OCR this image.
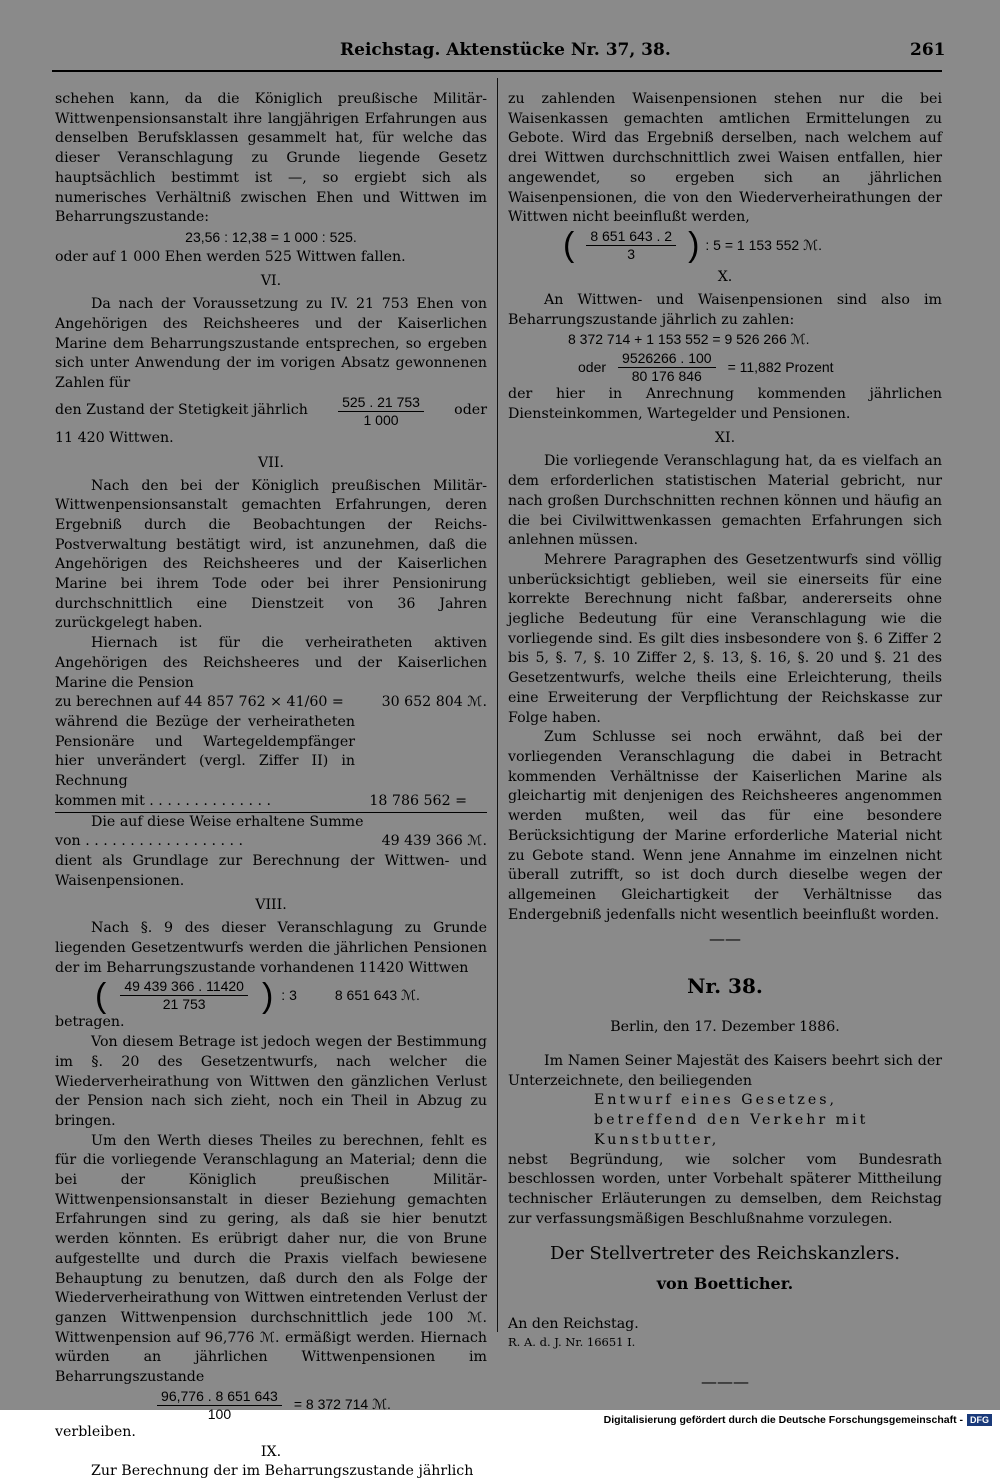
Reichstag. Aktenstücke Nr. 37, 38.	261

schehen kann, da die Königlich preußische Militär-Wittwenpensionsanstalt ihre langjährigen Erfahrungen aus denselben Berufsklassen gesammelt hat, für welche das dieser Veranschlagung zu Grunde liegende Gesetz hauptsächlich bestimmt ist —, so ergiebt sich als numerisches Verhältniß zwischen Ehen und Wittwen im Beharrungszustande:

23,56 : 12,38 = 1 000 : 525.

oder auf 1 000 Ehen werden 525 Wittwen fallen.

VI.

Da nach der Voraussetzung zu IV. 21 753 Ehen von Angehörigen des Reichsheeres und der Kaiserlichen Marine dem Beharrungszustande entsprechen, so ergeben sich unter Anwendung der im vorigen Absatz gewonnenen Zahlen für

den Zustand der Stetigkeit jährlich $\frac{525 . 21 753}{1 000}$ oder

11 420 Wittwen.

VII.

Nach den bei der Königlich preußischen Militär-Wittwenpensionsanstalt gemachten Erfahrungen, deren Ergebniß durch die Beobachtungen der Reichs-Postverwaltung bestätigt wird, ist anzunehmen, daß die Angehörigen des Reichsheeres und der Kaiserlichen Marine bei ihrem Tode oder bei ihrer Pensionirung durchschnittlich eine Dienstzeit von 36 Jahren zurückgelegt haben.

Hiernach ist für die verheiratheten aktiven Angehörigen des Reichsheeres und der Kaiserlichen Marine die Pension

zu berechnen auf 44 857 762 × 41/60 =	30 652 804 ℳ.

während die Bezüge der verheiratheten Pensionäre und Wartegeldempfänger hier unverändert (vergl. Ziffer II) in Rechnung

kommen mit . . . . . . . . . . . . . .	18 786 562 =

Die auf diese Weise erhaltene Summe

von . . . . . . . . . . . . . . . . . .	49 439 366 ℳ.

dient als Grundlage zur Berechnung der Wittwen- und Waisenpensionen.

VIII.

Nach §. 9 des dieser Veranschlagung zu Grunde liegenden Gesetzentwurfs werden die jährlichen Pensionen der im Beharrungszustande vorhandenen 11420 Wittwen

( $\frac{49 439 366 . 11420}{21 753}$ ) : 3	8 651 643 ℳ.

betragen.

Von diesem Betrage ist jedoch wegen der Bestimmung im §. 20 des Gesetzentwurfs, nach welcher die Wiederverheirathung von Wittwen den gänzlichen Verlust der Pension nach sich zieht, noch ein Theil in Abzug zu bringen.

Um den Werth dieses Theiles zu berechnen, fehlt es für die vorliegende Veranschlagung an Material; denn die bei der Königlich preußischen Militär-Wittwenpensionsanstalt in dieser Beziehung gemachten Erfahrungen sind zu gering, als daß sie hier benutzt werden könnten. Es erübrigt daher nur, die von Brune aufgestellte und durch die Praxis vielfach bewiesene Behauptung zu benutzen, daß durch den als Folge der Wiederverheirathung von Wittwen eintretenden Verlust der ganzen Wittwenpension durchschnittlich jede 100 ℳ. Wittwenpension auf 96,776 ℳ. ermäßigt werden. Hiernach würden an jährlichen Wittwenpensionen im Beharrungszustande

$\frac{96,776 . 8 651 643}{100} = 8$ 372 714 ℳ.

verbleiben.

IX.

Zur Berechnung der im Beharrungszustande jährlich

zu zahlenden Waisenpensionen stehen nur die bei Waisenkassen gemachten amtlichen Ermittelungen zu Gebote. Wird das Ergebniß derselben, nach welchem auf drei Wittwen durchschnittlich zwei Waisen entfallen, hier angewendet, so ergeben sich an jährlichen Waisenpensionen, die von den Wiederverheirathungen der Wittwen nicht beeinflußt werden,

( $\frac{8 651 643 . 2}{3}$ ) : 5 = 1 153 552 ℳ.
X.

An Wittwen- und Waisenpensionen sind also im Beharrungszustande jährlich zu zahlen:

8 372 714 + 1 153 552 = 9 526 266 ℳ.
oder $\frac{9526266 . 100}{80 176 846} = 11,882$ Prozent

der hier in Anrechnung kommenden jährlichen Diensteinkommen, Wartegelder und Pensionen.

XI.

Die vorliegende Veranschlagung hat, da es vielfach an dem erforderlichen statistischen Material gebricht, nur nach großen Durchschnitten rechnen können und häufig an die bei Civilwittwenkassen gemachten Erfahrungen sich anlehnen müssen.

Mehrere Paragraphen des Gesetzentwurfs sind völlig unberücksichtigt geblieben, weil sie einerseits für eine korrekte Berechnung nicht faßbar, andererseits ohne jegliche Bedeutung für eine Veranschlagung wie die vorliegende sind. Es gilt dies insbesondere von §. 6 Ziffer 2 bis 5, §. 7, §. 10 Ziffer 2, §. 13, §. 16, §. 20 und §. 21 des Gesetzentwurfs, welche theils eine Erleichterung, theils eine Erweiterung der Verpflichtung der Reichskasse zur Folge haben.

Zum Schlusse sei noch erwähnt, daß bei der vorliegenden Veranschlagung die dabei in Betracht kommenden Verhältnisse der Kaiserlichen Marine als gleichartig mit denjenigen des Reichsheeres angenommen werden mußten, weil das für eine besondere Berücksichtigung der Marine erforderliche Material nicht zu Gebote stand. Wenn jene Annahme im einzelnen nicht überall zutrifft, so ist doch durch dieselbe wegen der allgemeinen Gleichartigkeit der Verhältnisse das Endergebniß jedenfalls nicht wesentlich beeinflußt worden.

——
Nr. 38.
Berlin, den 17. Dezember 1886.

Im Namen Seiner Majestät des Kaisers beehrt sich der Unterzeichnete, den beiliegenden

Entwurf eines Gesetzes, betreffend den Verkehr mit Kunstbutter,

nebst Begründung, wie solcher vom Bundesrath beschlossen worden, unter Vorbehalt späterer Mittheilung technischer Erläuterungen zu demselben, dem Reichstag zur verfassungsmäßigen Beschlußnahme vorzulegen.

Der Stellvertreter des Reichskanzlers.
von Boetticher.
An den Reichstag.
R. A. d. J. Nr. 16651 I.
———
Digitalisierung gefördert durch die Deutsche Forschungsgemeinschaft - DFG
